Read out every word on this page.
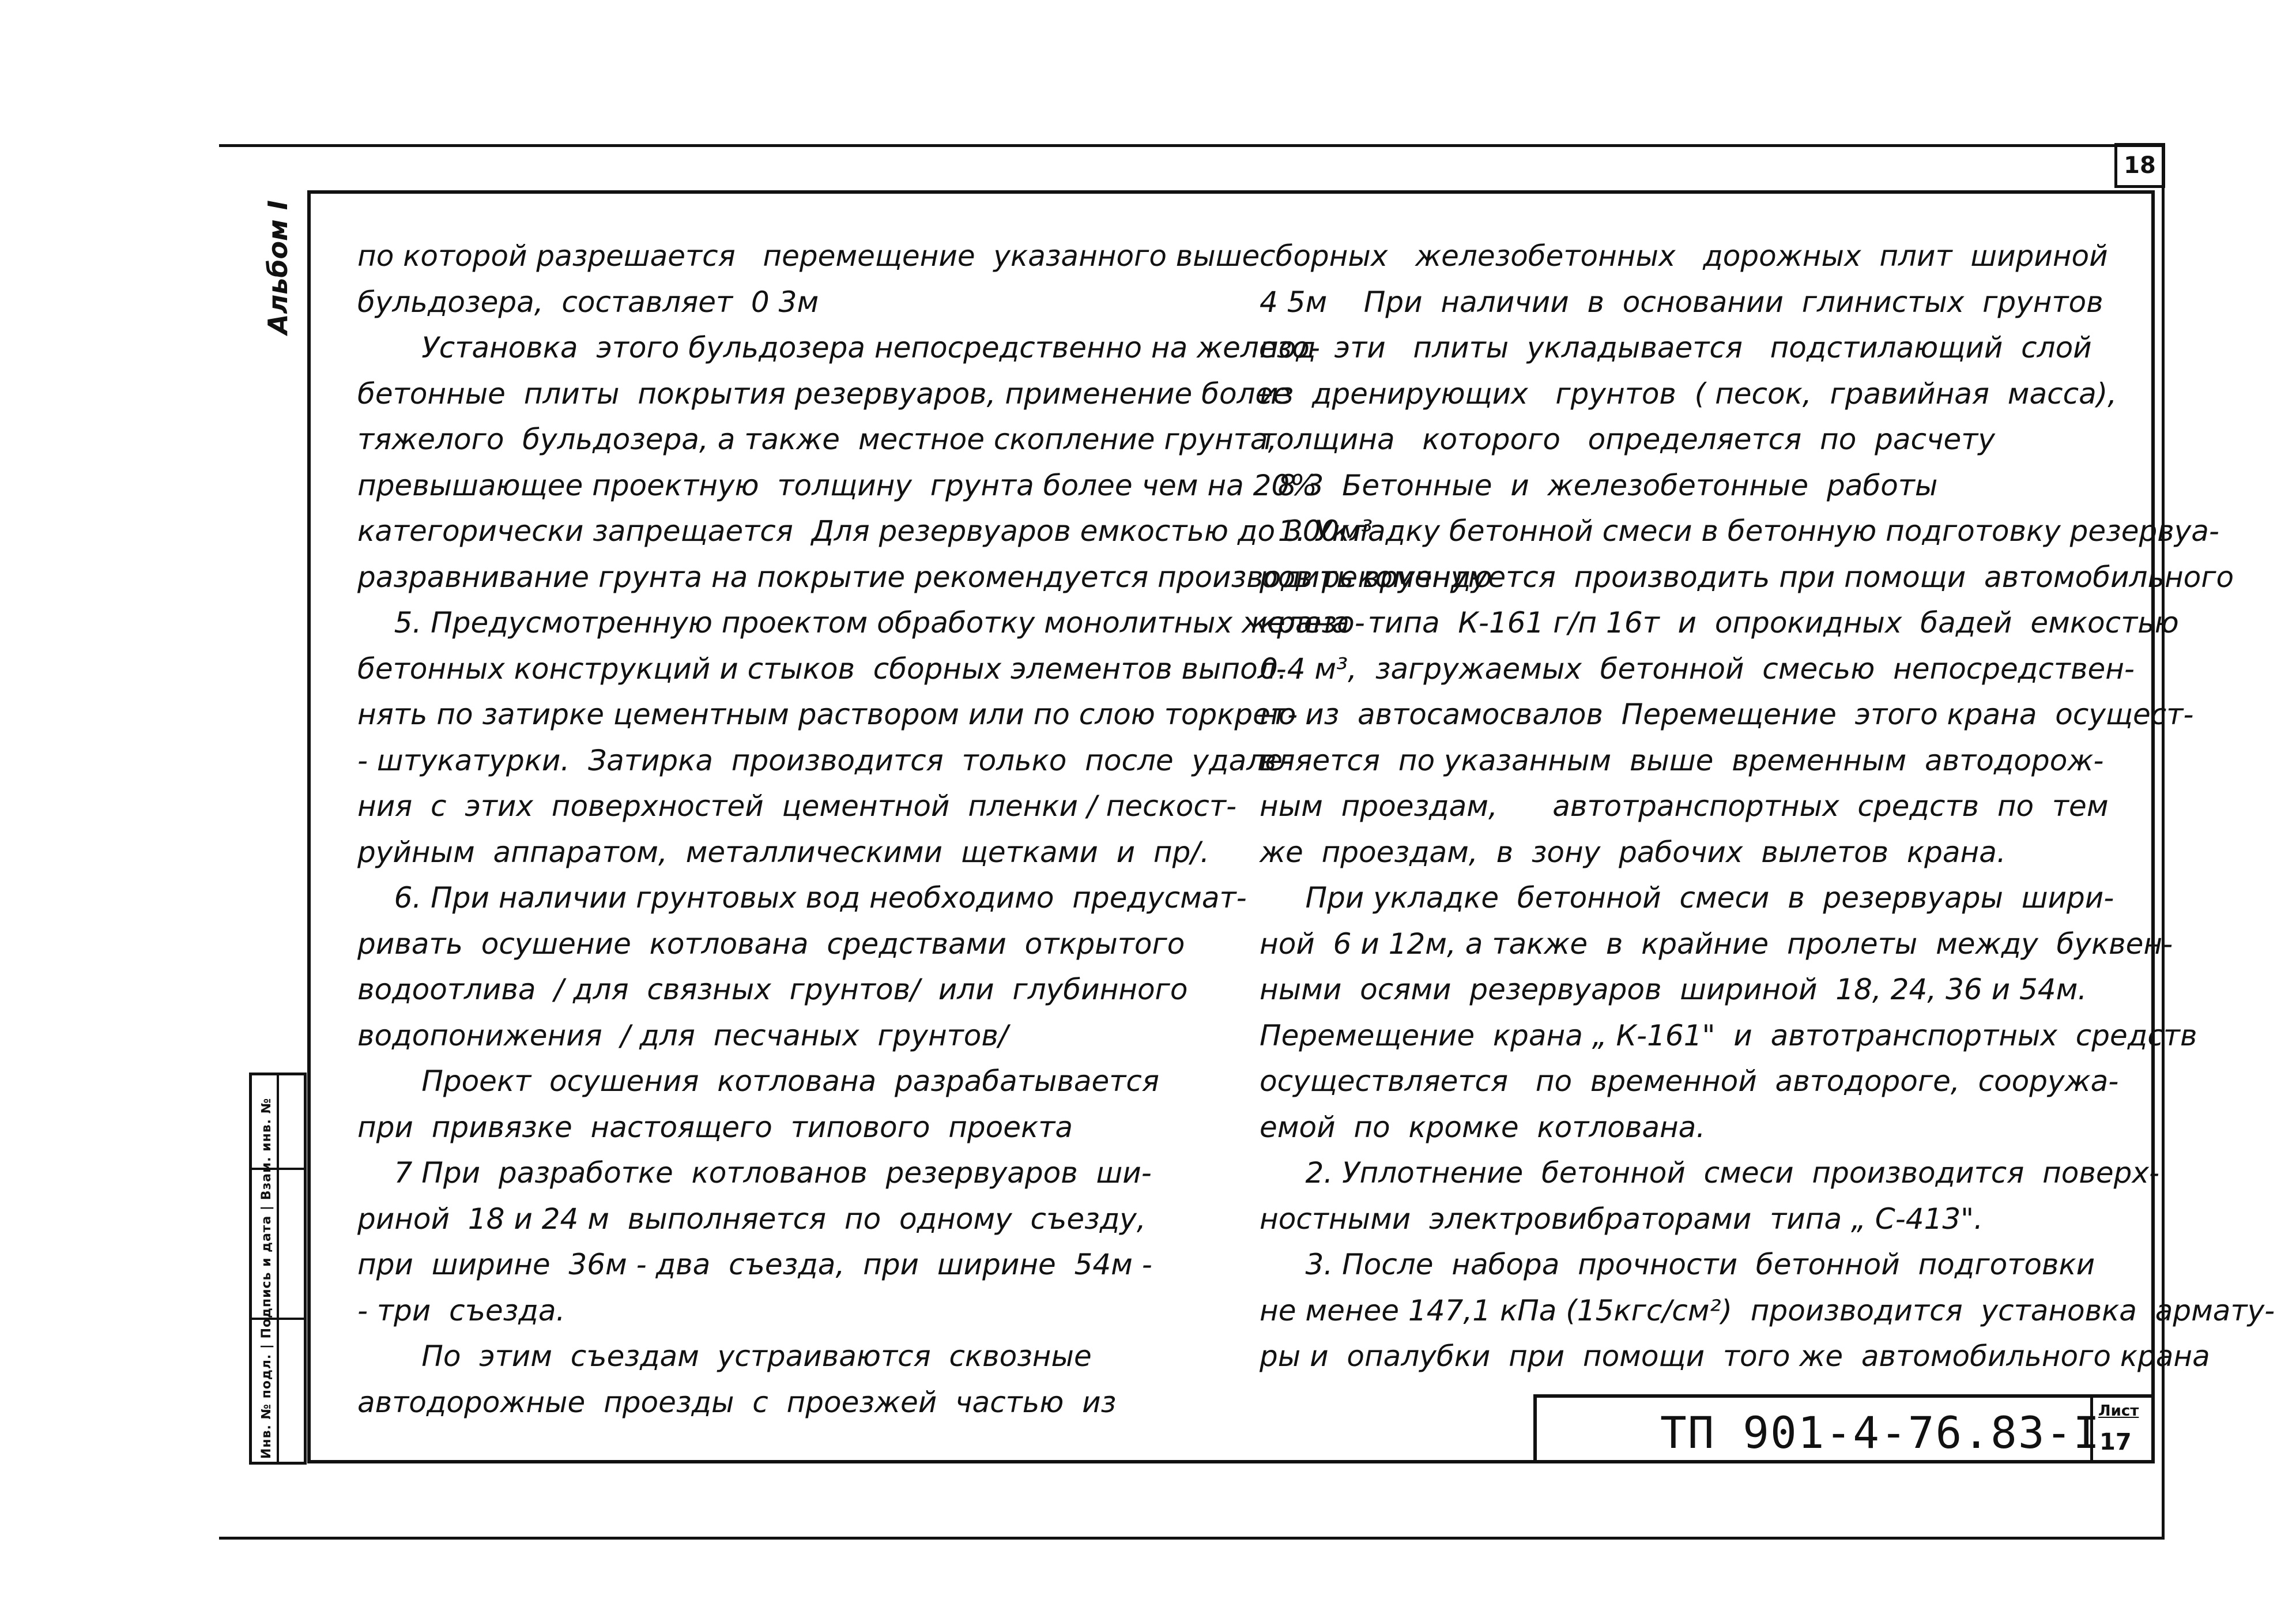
18
Альбом I
Инв. № подл. | Подпись и дата | Взам. инв. №
по которой разрешается   перемещение  указанного выше
бульдозера,  составляет  0 3м
Установка  этого бульдозера непосредственно на железо-
бетонные  плиты  покрытия резервуаров, применение более
тяжелого  бульдозера, а также  местное скопление грунта,
превышающее проектную  толщину  грунта более чем на 20%
категорически запрещается  Для резервуаров емкостью до 300м³
разравнивание грунта на покрытие рекомендуется производить вручную
5. Предусмотренную проектом обработку монолитных железо-
бетонных конструкций и стыков  сборных элементов выпол-
нять по затирке цементным раствором или по слою торкрет-
- штукатурки.  Затирка  производится  только  после  удале-
ния  с  этих  поверхностей  цементной  пленки / пескост-
руйным  аппаратом,  металлическими  щетками  и  пр/.
6. При наличии грунтовых вод необходимо  предусмат-
ривать  осушение  котлована  средствами  открытого
водоотлива  / для  связных  грунтов/  или  глубинного
водопонижения  / для  песчаных  грунтов/
Проект  осушения  котлована  разрабатывается
при  привязке  настоящего  типового  проекта
7 При  разработке  котлованов  резервуаров  ши-
риной  18 и 24 м  выполняется  по  одному  съезду,
при  ширине  36м - два  съезда,  при  ширине  54м -
- три  съезда.
По  этим  съездам  устраиваются  сквозные
автодорожные  проезды  с  проезжей  частью  из
сборных   железобетонных   дорожных  плит  шириной
4 5м    При  наличии  в  основании  глинистых  грунтов
под  эти   плиты  укладывается   подстилающий  слой
из  дренирующих   грунтов  ( песок,  гравийная  масса),
толщина   которого   определяется  по  расчету
8 3  Бетонные  и  железобетонные  работы
1. Укладку бетонной смеси в бетонную подготовку резервуа-
ров рекомендуется  производить при помощи  автомобильного
крана  типа  К-161 г/п 16т  и  опрокидных  бадей  емкостью
0.4 м³,  загружаемых  бетонной  смесью  непосредствен-
но из  автосамосвалов  Перемещение  этого крана  осущест-
вляется  по указанным  выше  временным  автодорож-
ным  проездам,      автотранспортных  средств  по  тем
же  проездам,  в  зону  рабочих  вылетов  крана.
При укладке  бетонной  смеси  в  резервуары  шири-
ной  6 и 12м, а также  в  крайние  пролеты  между  буквен-
ными  осями  резервуаров  шириной  18, 24, 36 и 54м.
Перемещение  крана „ К-161"  и  автотранспортных  средств
осуществляется   по  временной  автодороге,  сооружа-
емой  по  кромке  котлована.
2. Уплотнение  бетонной  смеси  производится  поверх-
ностными  электровибраторами  типа „ С-413".
3. После  набора  прочности  бетонной  подготовки
не менее 147,1 кПа (15кгс/см²)  производится  установка  армату-
ры и  опалубки  при  помощи  того же  автомобильного крана
ТП 901-4-76.83-I
Лист
17
